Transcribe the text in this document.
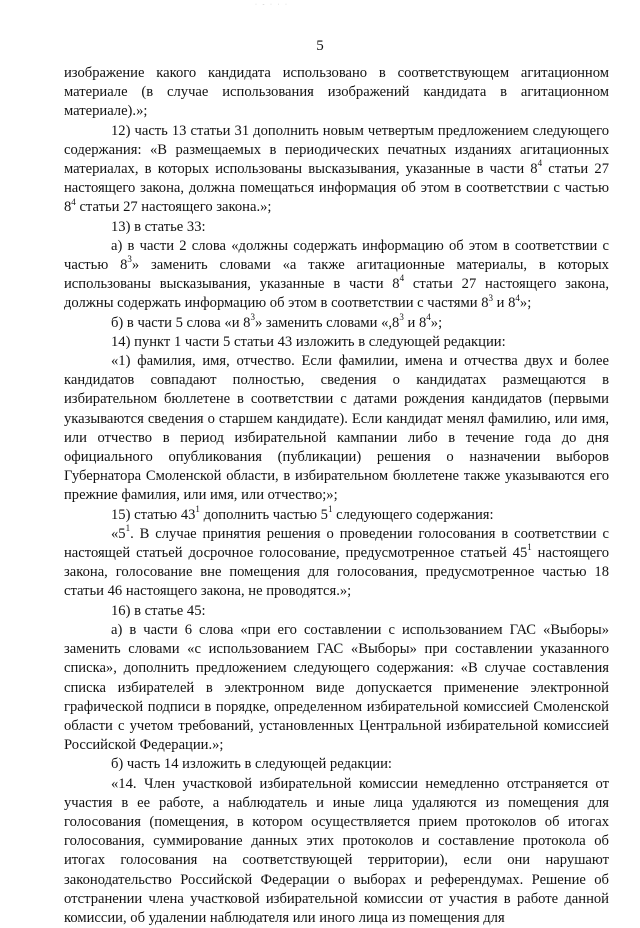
· - · · ·
5

изображение какого кандидата использовано в соответствующем агитационном материале (в случае использования изображений кандидата в агитационном материале).»;

12) часть 13 статьи 31 дополнить новым четвертым предложением следующего содержания: «В размещаемых в периодических печатных изданиях агитационных материалах, в которых использованы высказывания, указанные в части $8^4$ статьи 27 настоящего закона, должна помещаться информация об этом в соответствии с частью $8^4$ статьи 27 настоящего закона.»;

13) в статье 33:

а) в части 2 слова «должны содержать информацию об этом в соответствии с частью $8^3$» заменить словами «а также агитационные материалы, в которых использованы высказывания, указанные в части $8^4$ статьи 27 настоящего закона, должны содержать информацию об этом в соответствии с частями $8^3$ и $8^4$»;

б) в части 5 слова «и $8^3$» заменить словами «$,8^3$ и $8^4$»;

14) пункт 1 части 5 статьи 43 изложить в следующей редакции:

«1) фамилия, имя, отчество. Если фамилии, имена и отчества двух и более кандидатов совпадают полностью, сведения о кандидатах размещаются в избирательном бюллетене в соответствии с датами рождения кандидатов (первыми указываются сведения о старшем кандидате). Если кандидат менял фамилию, или имя, или отчество в период избирательной кампании либо в течение года до дня официального опубликования (публикации) решения о назначении выборов Губернатора Смоленской области, в избирательном бюллетене также указываются его прежние фамилия, или имя, или отчество;»;

15) статью $43^1$ дополнить частью $5^1$ следующего содержания:

«$5^1$. В случае принятия решения о проведении голосования в соответствии с настоящей статьей досрочное голосование, предусмотренное статьей $45^1$ настоящего закона, голосование вне помещения для голосования, предусмотренное частью 18 статьи 46 настоящего закона, не проводятся.»;

16) в статье 45:

а) в части 6 слова «при его составлении с использованием ГАС «Выборы» заменить словами «с использованием ГАС «Выборы» при составлении указанного списка», дополнить предложением следующего содержания: «В случае составления списка избирателей в электронном виде допускается применение электронной графической подписи в порядке, определенном избирательной комиссией Смоленской области с учетом требований, установленных Центральной избирательной комиссией Российской Федерации.»;

б) часть 14 изложить в следующей редакции:

«14. Член участковой избирательной комиссии немедленно отстраняется от участия в ее работе, а наблюдатель и иные лица удаляются из помещения для голосования (помещения, в котором осуществляется прием протоколов об итогах голосования, суммирование данных этих протоколов и составление протокола об итогах голосования на соответствующей территории), если они нарушают законодательство Российской Федерации о выборах и референдумах. Решение об отстранении члена участковой избирательной комиссии от участия в работе данной комиссии, об удалении наблюдателя или иного лица из помещения для
